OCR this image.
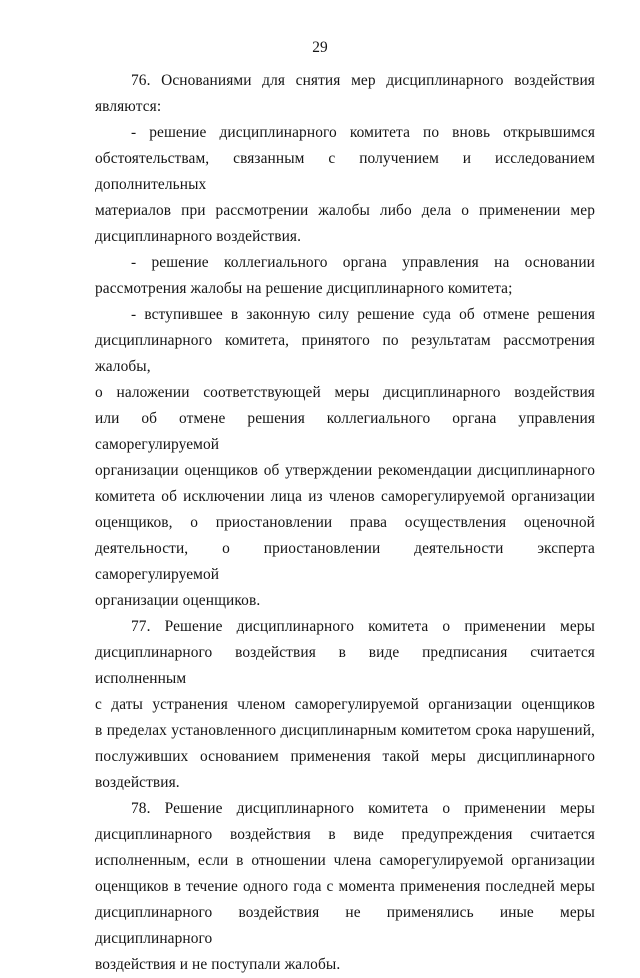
29

76. Основаниями для снятия мер дисциплинарного воздействия
являются:

- решение дисциплинарного комитета по вновь открывшимся
обстоятельствам, связанным с получением и исследованием дополнительных
материалов при рассмотрении жалобы либо дела о применении мер
дисциплинарного воздействия.

- решение коллегиального органа управления на основании
рассмотрения жалобы на решение дисциплинарного комитета;

- вступившее в законную силу решение суда об отмене решения
дисциплинарного комитета, принятого по результатам рассмотрения жалобы,
о наложении соответствующей меры дисциплинарного воздействия
или об отмене решения коллегиального органа управления саморегулируемой
организации оценщиков об утверждении рекомендации дисциплинарного
комитета об исключении лица из членов саморегулируемой организации
оценщиков, о приостановлении права осуществления оценочной
деятельности, о приостановлении деятельности эксперта саморегулируемой
организации оценщиков.

77. Решение дисциплинарного комитета о применении меры
дисциплинарного воздействия в виде предписания считается исполненным
с даты устранения членом саморегулируемой организации оценщиков
в пределах установленного дисциплинарным комитетом срока нарушений,
послуживших основанием применения такой меры дисциплинарного
воздействия.

78. Решение дисциплинарного комитета о применении меры
дисциплинарного воздействия в виде предупреждения считается
исполненным, если в отношении члена саморегулируемой организации
оценщиков в течение одного года с момента применения последней меры
дисциплинарного воздействия не применялись иные меры дисциплинарного
воздействия и не поступали жалобы.
